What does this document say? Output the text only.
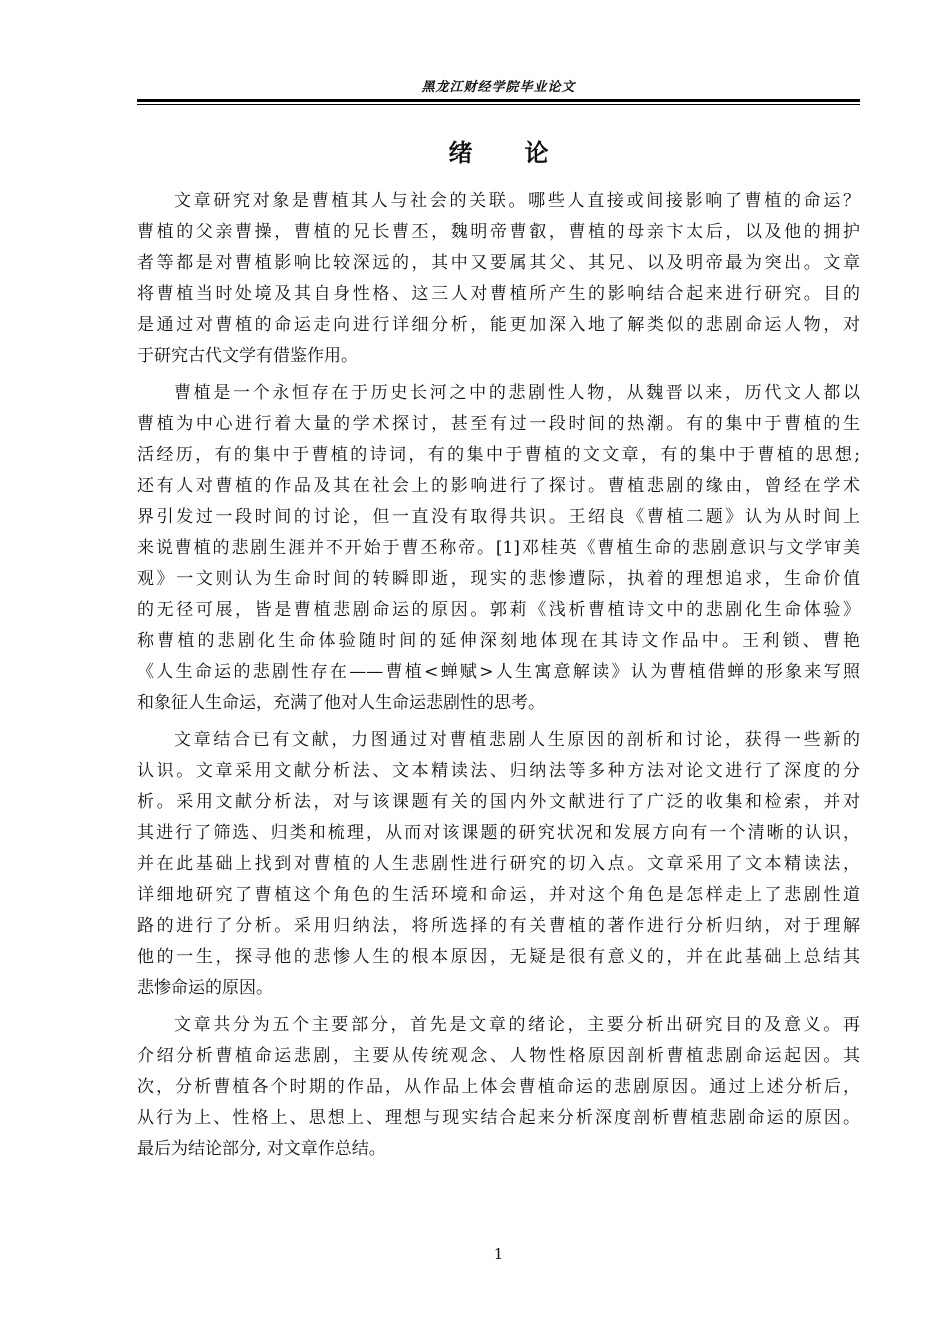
黑龙江财经学院毕业论文
绪 论
文章研究对象是曹植其人与社会的关联。哪些人直接或间接影响了曹植的命运？
曹植的父亲曹操，曹植的兄长曹丕，魏明帝曹叡，曹植的母亲卞太后，以及他的拥护
者等都是对曹植影响比较深远的，其中又要属其父、其兄、以及明帝最为突出。文章
将曹植当时处境及其自身性格、这三人对曹植所产生的影响结合起来进行研究。目的
是通过对曹植的命运走向进行详细分析，能更加深入地了解类似的悲剧命运人物，对
于研究古代文学有借鉴作用。
曹植是一个永恒存在于历史长河之中的悲剧性人物，从魏晋以来，历代文人都以
曹植为中心进行着大量的学术探讨，甚至有过一段时间的热潮。有的集中于曹植的生
活经历，有的集中于曹植的诗词，有的集中于曹植的文文章，有的集中于曹植的思想;
还有人对曹植的作品及其在社会上的影响进行了探讨。曹植悲剧的缘由，曾经在学术
界引发过一段时间的讨论，但一直没有取得共识。王绍良《曹植二题》认为从时间上
来说曹植的悲剧生涯并不开始于曹丕称帝。[1]邓桂英《曹植生命的悲剧意识与文学审美
观》一文则认为生命时间的转瞬即逝，现实的悲惨遭际，执着的理想追求，生命价值
的无径可展，皆是曹植悲剧命运的原因。郭莉《浅析曹植诗文中的悲剧化生命体验》
称曹植的悲剧化生命体验随时间的延伸深刻地体现在其诗文作品中。王利锁、曹艳
《人生命运的悲剧性存在——曹植<蝉赋>人生寓意解读》认为曹植借蝉的形象来写照
和象征人生命运，充满了他对人生命运悲剧性的思考。
文章结合已有文献，力图通过对曹植悲剧人生原因的剖析和讨论，获得一些新的
认识。文章采用文献分析法、文本精读法、归纳法等多种方法对论文进行了深度的分
析。采用文献分析法，对与该课题有关的国内外文献进行了广泛的收集和检索，并对
其进行了筛选、归类和梳理，从而对该课题的研究状况和发展方向有一个清晰的认识，
并在此基础上找到对曹植的人生悲剧性进行研究的切入点。文章采用了文本精读法，
详细地研究了曹植这个角色的生活环境和命运，并对这个角色是怎样走上了悲剧性道
路的进行了分析。采用归纳法，将所选择的有关曹植的著作进行分析归纳，对于理解
他的一生，探寻他的悲惨人生的根本原因，无疑是很有意义的，并在此基础上总结其
悲惨命运的原因。
文章共分为五个主要部分，首先是文章的绪论，主要分析出研究目的及意义。再
介绍分析曹植命运悲剧，主要从传统观念、人物性格原因剖析曹植悲剧命运起因。其
次，分析曹植各个时期的作品，从作品上体会曹植命运的悲剧原因。通过上述分析后，
从行为上、性格上、思想上、理想与现实结合起来分析深度剖析曹植悲剧命运的原因。
最后为结论部分, 对文章作总结。
1
